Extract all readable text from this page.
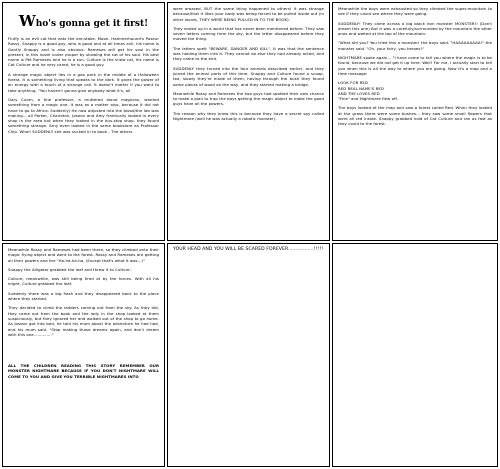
Who's gonna get it first!

Fluffy is an evil cat that eats the are-stake. Moon. Hammerhound's Poseur Rossy, Snappy is a good guy, who is good and at all times evil, his name is Gantly Snappy and is also obvious. Rameses will get his soul in the present, in this novel under proper by showing the cat of his soul. His best name is Pet Rameses and he is a sun. Culture is the snow cat, his name is Cat Culture and he very cared, he is a good guy.

A strange magic object lies in a goo park in the middle of a Halloween forest. It is something living that speaks to the dark. It gives the power of an energy with a touch of a strange call. It doesn't matter if you want to take anything. "You haven't gonna give anybody what it's, all

Gary Cuom, a fine professor, a muttered aloud magician, wanted something from a magic one. It was as a matter also, because it did not have to go to Africa. Suddenly/ He now adjusted into the blood/the lab was making... all Parker, Charleton, Joseon and Amy frantically looked in every shop in the area but when they looked in the bus-stop shop, they found something strange. Amy even looked in the same bookstore as Professor Chip. When SUDDENLY she was sucked in to book - The others

were amazed. BUT the same thing happened to others! It was strange because/that it likes your body was being forced to be pulled inside out (in other words, THEY WERE BEING PULLED IN TO THE BOOK).

They ended up in a world that has never been mentioned before. They saw seven letters coming from the sky, but the letter disappeared before they moved the thing.

The letters spelt "BEWARE, DANGER AND KILL". It was that the sentence was holding them into it. They cannot do else they had already acted, and they came to the end.

SUDDENLY they turned into the four animals described earlier, and they joined the animal parts of this time. Snappy and Culture found a scoop, tea, slowly they're made of them, having through the bush they found some pieces of wood on the way, and they started making a bridge.

Meanwhile Rossy and Rameses the two guys had spotted their own chance to make a plan to trap the boys getting the magic object to make the good guys have all the powers.

The reason why they knew this is because they have a secret spy called Nightmare (well he was actually a robotic monster).

Meanwhile the boys were exhausted so they climbed the super-mountain to see if they could see where they were going.

SUDDENLY! They came across a big black iron monster MONSTER!! (Don't dream this one) But it was a carefully/surrounded by the mountain the other ones and waited at the top of the mountain.

"What did you? You tried this a monster! the boys said. "HAAAAAAAAA!" the monster said. "Oh, your fairy, you heroes!"

NIGHTMARE spoke again... "I have come to tell you where the magic is to be found, because we did not get it up here. Well! For me, I actually start to tell you when this is all the way to where you are going. Now it's a map and a time message:

LOOK FOR RED

RED REAL NAME'S RED

AND THE LOVES RED

"Fine" and Nightmare flew off.

The boys looked at the map and saw a forest called Red. When they looked at the grass there were some bushes... they saw some small flowers that were all red inside. Snappy grabbed hold of Cat Culture and ran as fast as they could to the forest.

Meanwhile Rossy and Rameses had been there, so they climbed onto their magic flying object and went to the forest. Rossy and Rameses are getting all their powers and the "Ha-ha-ha-ha, (Except that's what it was...)"

Snappy the Alligator grabbed the leaf and threw it to Culture.

Culture, meanwhile, was still being fired at by the forces. With all his might, Culture grabbed the leaf.

Suddenly there was a big flash and they disappeared back to the place where they started.

They decided to climb the ladders coming out from the sky. As they did, they came out from the book and the lady in the shop looked at them suspiciously, but they ignored her and walked out of the shop to go home. As Joseon got into bed, he told his mum about the adventure he had had, and his mum said, "Stop making those dreams again, and don't dream with this one.............."

ALL THE CHILDREN READING THIS STORY REMEMBER OUR MONSTER NIGHTMARE BECAUSE IF YOU DON'T NIGHTMARE WILL COME TO YOU AND GIVE YOU TERRIBLE NIGHTMARES INTO

YOUR HEAD AND YOU WILL BE SCARED FOREVER.................!!!!!
